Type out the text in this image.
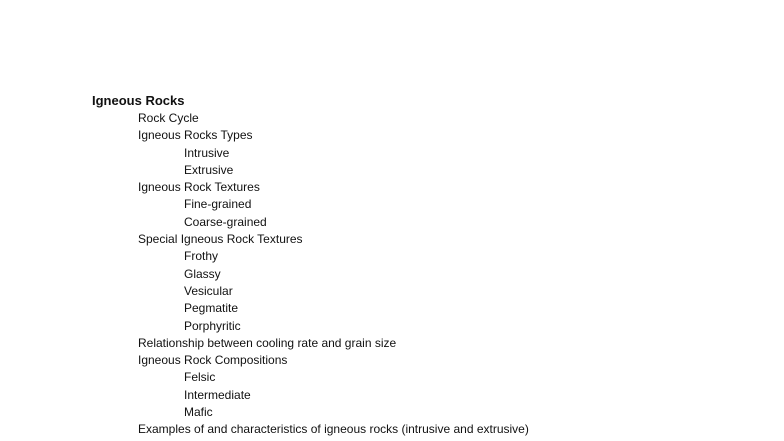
Igneous Rocks
Rock Cycle
Igneous Rocks Types
Intrusive
Extrusive
Igneous Rock Textures
Fine-grained
Coarse-grained
Special Igneous Rock Textures
Frothy
Glassy
Vesicular
Pegmatite
Porphyritic
Relationship between cooling rate and grain size
Igneous Rock Compositions
Felsic
Intermediate
Mafic
Examples of and characteristics of igneous rocks (intrusive and extrusive)
